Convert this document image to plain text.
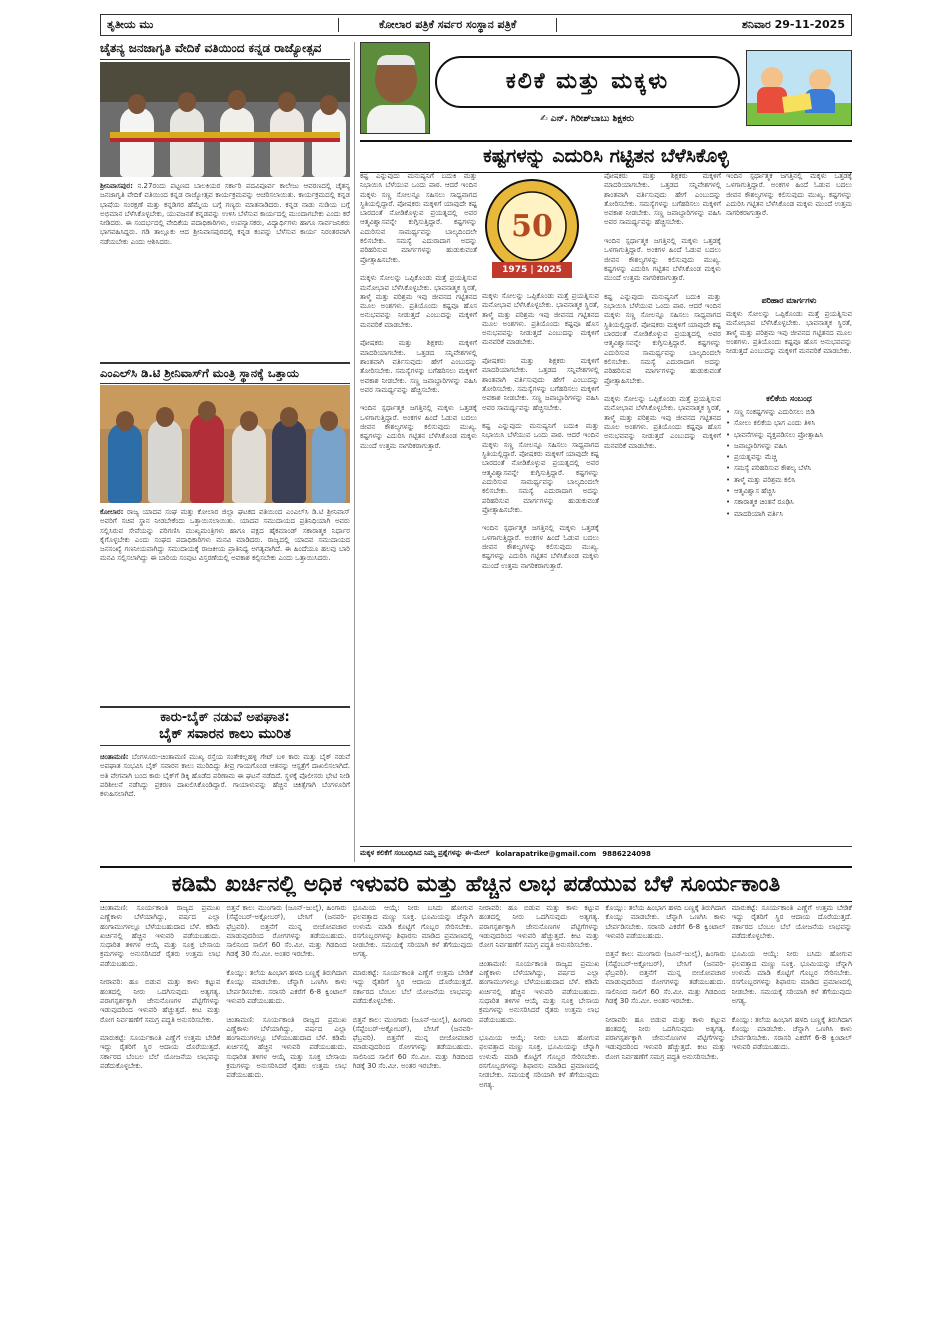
ತೃತೀಯ ಮು	ಕೋಲಾರ ಪತ್ರಿಕೆ ಸರ್ವರ ಸಂಸ್ಥಾನ ಪತ್ರಿಕೆ	ಶನಿವಾರ 29-11-2025
ಚೈತನ್ಯ ಜನಜಾಗೃತಿ ವೇದಿಕೆ ವತಿಯಿಂದ ಕನ್ನಡ ರಾಜ್ಯೋತ್ಸವ
ಶ್ರೀನಿವಾಸಪುರ: ನ.27ರಂದು ಪಟ್ಟಣದ ಬಾಲಕಿಯರ ಸರ್ಕಾರಿ ಪದವಿಪೂರ್ವ ಕಾಲೇಜು ಆವರಣದಲ್ಲಿ ಚೈತನ್ಯ ಜನಜಾಗೃತಿ ವೇದಿಕೆ ವತಿಯಿಂದ ಕನ್ನಡ ರಾಜ್ಯೋತ್ಸವ ಕಾರ್ಯಕ್ರಮವನ್ನು ಆಚರಿಸಲಾಯಿತು. ಕಾರ್ಯಕ್ರಮದಲ್ಲಿ ಕನ್ನಡ ಭಾಷೆಯ ಸಂರಕ್ಷಣೆ ಮತ್ತು ಕನ್ನಡಿಗರ ಹೆಮ್ಮೆಯ ಬಗ್ಗೆ ಗಣ್ಯರು ಮಾತನಾಡಿದರು. ಕನ್ನಡ ನಾಡು ನುಡಿಯ ಬಗ್ಗೆ ಅಭಿಮಾನ ಬೆಳೆಸಿಕೊಳ್ಳಬೇಕು, ಯುವಜನತೆ ಕನ್ನಡವನ್ನು ಉಳಿಸಿ ಬೆಳೆಸುವ ಕಾರ್ಯದಲ್ಲಿ ಮುಂದಾಗಬೇಕು ಎಂದು ಕರೆ ನೀಡಿದರು. ಈ ಸಂದರ್ಭದಲ್ಲಿ ವೇದಿಕೆಯ ಪದಾಧಿಕಾರಿಗಳು, ಉಪನ್ಯಾಸಕರು, ವಿದ್ಯಾರ್ಥಿಗಳು ಹಾಗೂ ಸಾರ್ವಜನಿಕರು ಭಾಗವಹಿಸಿದ್ದರು. ಗಡಿ ತಾಲ್ಲೂಕು ಆದ ಶ್ರೀನಿವಾಸಪುರದಲ್ಲಿ ಕನ್ನಡ ಕಂಪನ್ನು ಬೆಳೆಸುವ ಕಾರ್ಯ ನಿರಂತರವಾಗಿ ನಡೆಯಬೇಕು ಎಂದು ಆಶಿಸಿದರು.
ಎಂಎಲ್‌ಸಿ ಡಿ.ಟಿ ಶ್ರೀನಿವಾಸ್‌ಗೆ ಮಂತ್ರಿ ಸ್ಥಾನಕ್ಕೆ ಒತ್ತಾಯ
ಕೋಲಾರ: ರಾಜ್ಯ ಯಾದವ ಸಂಘ ಮತ್ತು ಕೋಲಾರ ಜಿಲ್ಲಾ ಘಟಕದ ವತಿಯಿಂದ ಎಂಎಲ್‌ಸಿ ಡಿ.ಟಿ ಶ್ರೀನಿವಾಸ್ ಅವರಿಗೆ ಸಚಿವ ಸ್ಥಾನ ನೀಡಬೇಕೆಂದು ಒತ್ತಾಯಿಸಲಾಯಿತು. ಯಾದವ ಸಮುದಾಯದ ಪ್ರತಿನಿಧಿಯಾಗಿ ಅವರು ಸಲ್ಲಿಸಿರುವ ಸೇವೆಯನ್ನು ಪರಿಗಣಿಸಿ ಮುಖ್ಯಮಂತ್ರಿಗಳು ಹಾಗೂ ಪಕ್ಷದ ಹೈಕಮಾಂಡ್ ಸಕಾರಾತ್ಮಕ ನಿರ್ಧಾರ ಕೈಗೊಳ್ಳಬೇಕು ಎಂದು ಸಂಘದ ಪದಾಧಿಕಾರಿಗಳು ಮನವಿ ಮಾಡಿದರು. ರಾಜ್ಯದಲ್ಲಿ ಯಾದವ ಸಮುದಾಯದ ಜನಸಂಖ್ಯೆ ಗಣನೀಯವಾಗಿದ್ದು ಸಮುದಾಯಕ್ಕೆ ರಾಜಕೀಯ ಪ್ರಾತಿನಿಧ್ಯ ಅಗತ್ಯವಾಗಿದೆ. ಈ ಹಿಂದೆಯೂ ಹಲವು ಬಾರಿ ಮನವಿ ಸಲ್ಲಿಸಲಾಗಿದ್ದು ಈ ಬಾರಿಯ ಸಂಪುಟ ವಿಸ್ತರಣೆಯಲ್ಲಿ ಅವಕಾಶ ಕಲ್ಪಿಸಬೇಕು ಎಂದು ಒತ್ತಾಯಿಸಿದರು.
ಕಾರು-ಬೈಕ್ ನಡುವೆ ಅಪಘಾತ:
ಬೈಕ್ ಸವಾರನ ಕಾಲು ಮುರಿತ
ಚಿಂತಾಮಣಿ: ಬೆಂಗಳೂರು-ಚಿಂತಾಮಣಿ ಮುಖ್ಯ ರಸ್ತೆಯ ಸಂತೇಕಲ್ಲಹಳ್ಳಿ ಗೇಟ್ ಬಳಿ ಕಾರು ಮತ್ತು ಬೈಕ್ ನಡುವೆ ಅಪಘಾತ ಸಂಭವಿಸಿ ಬೈಕ್ ಸವಾರನ ಕಾಲು ಮುರಿದಿದ್ದು ತೀವ್ರ ಗಾಯಗೊಂಡ ಆತನನ್ನು ಆಸ್ಪತ್ರೆಗೆ ದಾಖಲಿಸಲಾಗಿದೆ. ಅತಿ ವೇಗವಾಗಿ ಬಂದ ಕಾರು ಬೈಕ್‌ಗೆ ಡಿಕ್ಕಿ ಹೊಡೆದ ಪರಿಣಾಮ ಈ ಘಟನೆ ನಡೆದಿದೆ. ಸ್ಥಳಕ್ಕೆ ಪೊಲೀಸರು ಭೇಟಿ ನೀಡಿ ಪರಿಶೀಲನೆ ನಡೆಸಿದ್ದು ಪ್ರಕರಣ ದಾಖಲಿಸಿಕೊಂಡಿದ್ದಾರೆ. ಗಾಯಾಳುವನ್ನು ಹೆಚ್ಚಿನ ಚಿಕಿತ್ಸೆಗಾಗಿ ಬೆಂಗಳೂರಿಗೆ ಕಳುಹಿಸಲಾಗಿದೆ.
ಕಲಿಕೆ ಮತ್ತು ಮಕ್ಕಳು
✍ ಎನ್. ಗಿರೀಶ್‌ಬಾಬು ಶಿಕ್ಷಕರು
ಕಷ್ಟಗಳನ್ನು ಎದುರಿಸಿ ಗಟ್ಟಿತನ ಬೆಳೆಸಿಕೊಳ್ಳಿ
ಕಷ್ಟ ಎನ್ನುವುದು ಮನುಷ್ಯನಿಗೆ ಬದುಕಿ ಮತ್ತು ನಿಭಾಯಿಸಿ ಬೆಳೆಯುವ ಒಂದು ಪಾಠ. ಆದರೆ ಇಂದಿನ ಮಕ್ಕಳು ಸಣ್ಣ ಸೋಲನ್ನೂ ಸಹಿಸಲು ಸಾಧ್ಯವಾಗದ ಸ್ಥಿತಿಯಲ್ಲಿದ್ದಾರೆ. ಪೋಷಕರು ಮಕ್ಕಳಿಗೆ ಯಾವುದೇ ಕಷ್ಟ ಬಾರದಂತೆ ನೋಡಿಕೊಳ್ಳುವ ಪ್ರಯತ್ನದಲ್ಲಿ ಅವರ ಆತ್ಮವಿಶ್ವಾಸವನ್ನೇ ಕುಗ್ಗಿಸುತ್ತಿದ್ದಾರೆ. ಕಷ್ಟಗಳನ್ನು ಎದುರಿಸುವ ಸಾಮರ್ಥ್ಯವನ್ನು ಬಾಲ್ಯದಿಂದಲೇ ಕಲಿಸಬೇಕು. ಸಮಸ್ಯೆ ಎದುರಾದಾಗ ಅದನ್ನು ಪರಿಹರಿಸುವ ಮಾರ್ಗಗಳನ್ನು ಹುಡುಕುವಂತೆ ಪ್ರೋತ್ಸಾಹಿಸಬೇಕು.

ಮಕ್ಕಳು ಸೋಲನ್ನು ಒಪ್ಪಿಕೊಂಡು ಮತ್ತೆ ಪ್ರಯತ್ನಿಸುವ ಮನೋಭಾವ ಬೆಳೆಸಿಕೊಳ್ಳಬೇಕು. ಭಾವನಾತ್ಮಕ ಸ್ಥಿರತೆ, ತಾಳ್ಮೆ ಮತ್ತು ಪರಿಶ್ರಮ ಇವು ಜೀವನದ ಗಟ್ಟಿತನದ ಮೂಲ ಅಂಶಗಳು. ಪ್ರತಿಯೊಂದು ಕಷ್ಟವೂ ಹೊಸ ಅನುಭವವನ್ನು ನೀಡುತ್ತದೆ ಎಂಬುದನ್ನು ಮಕ್ಕಳಿಗೆ ಮನವರಿಕೆ ಮಾಡಬೇಕು.

ಪೋಷಕರು ಮತ್ತು ಶಿಕ್ಷಕರು ಮಕ್ಕಳಿಗೆ ಮಾದರಿಯಾಗಬೇಕು. ಒತ್ತಡದ ಸನ್ನಿವೇಶಗಳಲ್ಲಿ ಶಾಂತವಾಗಿ ವರ್ತಿಸುವುದು ಹೇಗೆ ಎಂಬುದನ್ನು ತೋರಿಸಬೇಕು. ಸಮಸ್ಯೆಗಳನ್ನು ಬಗೆಹರಿಸಲು ಮಕ್ಕಳಿಗೆ ಅವಕಾಶ ನೀಡಬೇಕು. ಸಣ್ಣ ಜವಾಬ್ದಾರಿಗಳನ್ನು ವಹಿಸಿ ಅವರ ಸಾಮರ್ಥ್ಯವನ್ನು ಹೆಚ್ಚಿಸಬೇಕು.

ಇಂದಿನ ಸ್ಪರ್ಧಾತ್ಮಕ ಜಗತ್ತಿನಲ್ಲಿ ಮಕ್ಕಳು ಒತ್ತಡಕ್ಕೆ ಒಳಗಾಗುತ್ತಿದ್ದಾರೆ. ಅಂಕಗಳ ಹಿಂದೆ ಓಡುವ ಬದಲು ಜೀವನ ಕೌಶಲ್ಯಗಳನ್ನು ಕಲಿಸುವುದು ಮುಖ್ಯ. ಕಷ್ಟಗಳನ್ನು ಎದುರಿಸಿ ಗಟ್ಟಿತನ ಬೆಳೆಸಿಕೊಂಡ ಮಕ್ಕಳು ಮುಂದೆ ಉತ್ತಮ ನಾಗರಿಕರಾಗುತ್ತಾರೆ.
50
1975 | 2025
ಮಕ್ಕಳು ಸೋಲನ್ನು ಒಪ್ಪಿಕೊಂಡು ಮತ್ತೆ ಪ್ರಯತ್ನಿಸುವ ಮನೋಭಾವ ಬೆಳೆಸಿಕೊಳ್ಳಬೇಕು. ಭಾವನಾತ್ಮಕ ಸ್ಥಿರತೆ, ತಾಳ್ಮೆ ಮತ್ತು ಪರಿಶ್ರಮ ಇವು ಜೀವನದ ಗಟ್ಟಿತನದ ಮೂಲ ಅಂಶಗಳು. ಪ್ರತಿಯೊಂದು ಕಷ್ಟವೂ ಹೊಸ ಅನುಭವವನ್ನು ನೀಡುತ್ತದೆ ಎಂಬುದನ್ನು ಮಕ್ಕಳಿಗೆ ಮನವರಿಕೆ ಮಾಡಬೇಕು.

ಪೋಷಕರು ಮತ್ತು ಶಿಕ್ಷಕರು ಮಕ್ಕಳಿಗೆ ಮಾದರಿಯಾಗಬೇಕು. ಒತ್ತಡದ ಸನ್ನಿವೇಶಗಳಲ್ಲಿ ಶಾಂತವಾಗಿ ವರ್ತಿಸುವುದು ಹೇಗೆ ಎಂಬುದನ್ನು ತೋರಿಸಬೇಕು. ಸಮಸ್ಯೆಗಳನ್ನು ಬಗೆಹರಿಸಲು ಮಕ್ಕಳಿಗೆ ಅವಕಾಶ ನೀಡಬೇಕು. ಸಣ್ಣ ಜವಾಬ್ದಾರಿಗಳನ್ನು ವಹಿಸಿ ಅವರ ಸಾಮರ್ಥ್ಯವನ್ನು ಹೆಚ್ಚಿಸಬೇಕು.

ಕಷ್ಟ ಎನ್ನುವುದು ಮನುಷ್ಯನಿಗೆ ಬದುಕಿ ಮತ್ತು ನಿಭಾಯಿಸಿ ಬೆಳೆಯುವ ಒಂದು ಪಾಠ. ಆದರೆ ಇಂದಿನ ಮಕ್ಕಳು ಸಣ್ಣ ಸೋಲನ್ನೂ ಸಹಿಸಲು ಸಾಧ್ಯವಾಗದ ಸ್ಥಿತಿಯಲ್ಲಿದ್ದಾರೆ. ಪೋಷಕರು ಮಕ್ಕಳಿಗೆ ಯಾವುದೇ ಕಷ್ಟ ಬಾರದಂತೆ ನೋಡಿಕೊಳ್ಳುವ ಪ್ರಯತ್ನದಲ್ಲಿ ಅವರ ಆತ್ಮವಿಶ್ವಾಸವನ್ನೇ ಕುಗ್ಗಿಸುತ್ತಿದ್ದಾರೆ. ಕಷ್ಟಗಳನ್ನು ಎದುರಿಸುವ ಸಾಮರ್ಥ್ಯವನ್ನು ಬಾಲ್ಯದಿಂದಲೇ ಕಲಿಸಬೇಕು. ಸಮಸ್ಯೆ ಎದುರಾದಾಗ ಅದನ್ನು ಪರಿಹರಿಸುವ ಮಾರ್ಗಗಳನ್ನು ಹುಡುಕುವಂತೆ ಪ್ರೋತ್ಸಾಹಿಸಬೇಕು.

ಇಂದಿನ ಸ್ಪರ್ಧಾತ್ಮಕ ಜಗತ್ತಿನಲ್ಲಿ ಮಕ್ಕಳು ಒತ್ತಡಕ್ಕೆ ಒಳಗಾಗುತ್ತಿದ್ದಾರೆ. ಅಂಕಗಳ ಹಿಂದೆ ಓಡುವ ಬದಲು ಜೀವನ ಕೌಶಲ್ಯಗಳನ್ನು ಕಲಿಸುವುದು ಮುಖ್ಯ. ಕಷ್ಟಗಳನ್ನು ಎದುರಿಸಿ ಗಟ್ಟಿತನ ಬೆಳೆಸಿಕೊಂಡ ಮಕ್ಕಳು ಮುಂದೆ ಉತ್ತಮ ನಾಗರಿಕರಾಗುತ್ತಾರೆ.
ಪೋಷಕರು ಮತ್ತು ಶಿಕ್ಷಕರು ಮಕ್ಕಳಿಗೆ ಮಾದರಿಯಾಗಬೇಕು. ಒತ್ತಡದ ಸನ್ನಿವೇಶಗಳಲ್ಲಿ ಶಾಂತವಾಗಿ ವರ್ತಿಸುವುದು ಹೇಗೆ ಎಂಬುದನ್ನು ತೋರಿಸಬೇಕು. ಸಮಸ್ಯೆಗಳನ್ನು ಬಗೆಹರಿಸಲು ಮಕ್ಕಳಿಗೆ ಅವಕಾಶ ನೀಡಬೇಕು. ಸಣ್ಣ ಜವಾಬ್ದಾರಿಗಳನ್ನು ವಹಿಸಿ ಅವರ ಸಾಮರ್ಥ್ಯವನ್ನು ಹೆಚ್ಚಿಸಬೇಕು.

ಇಂದಿನ ಸ್ಪರ್ಧಾತ್ಮಕ ಜಗತ್ತಿನಲ್ಲಿ ಮಕ್ಕಳು ಒತ್ತಡಕ್ಕೆ ಒಳಗಾಗುತ್ತಿದ್ದಾರೆ. ಅಂಕಗಳ ಹಿಂದೆ ಓಡುವ ಬದಲು ಜೀವನ ಕೌಶಲ್ಯಗಳನ್ನು ಕಲಿಸುವುದು ಮುಖ್ಯ. ಕಷ್ಟಗಳನ್ನು ಎದುರಿಸಿ ಗಟ್ಟಿತನ ಬೆಳೆಸಿಕೊಂಡ ಮಕ್ಕಳು ಮುಂದೆ ಉತ್ತಮ ನಾಗರಿಕರಾಗುತ್ತಾರೆ.

ಕಷ್ಟ ಎನ್ನುವುದು ಮನುಷ್ಯನಿಗೆ ಬದುಕಿ ಮತ್ತು ನಿಭಾಯಿಸಿ ಬೆಳೆಯುವ ಒಂದು ಪಾಠ. ಆದರೆ ಇಂದಿನ ಮಕ್ಕಳು ಸಣ್ಣ ಸೋಲನ್ನೂ ಸಹಿಸಲು ಸಾಧ್ಯವಾಗದ ಸ್ಥಿತಿಯಲ್ಲಿದ್ದಾರೆ. ಪೋಷಕರು ಮಕ್ಕಳಿಗೆ ಯಾವುದೇ ಕಷ್ಟ ಬಾರದಂತೆ ನೋಡಿಕೊಳ್ಳುವ ಪ್ರಯತ್ನದಲ್ಲಿ ಅವರ ಆತ್ಮವಿಶ್ವಾಸವನ್ನೇ ಕುಗ್ಗಿಸುತ್ತಿದ್ದಾರೆ. ಕಷ್ಟಗಳನ್ನು ಎದುರಿಸುವ ಸಾಮರ್ಥ್ಯವನ್ನು ಬಾಲ್ಯದಿಂದಲೇ ಕಲಿಸಬೇಕು. ಸಮಸ್ಯೆ ಎದುರಾದಾಗ ಅದನ್ನು ಪರಿಹರಿಸುವ ಮಾರ್ಗಗಳನ್ನು ಹುಡುಕುವಂತೆ ಪ್ರೋತ್ಸಾಹಿಸಬೇಕು.

ಮಕ್ಕಳು ಸೋಲನ್ನು ಒಪ್ಪಿಕೊಂಡು ಮತ್ತೆ ಪ್ರಯತ್ನಿಸುವ ಮನೋಭಾವ ಬೆಳೆಸಿಕೊಳ್ಳಬೇಕು. ಭಾವನಾತ್ಮಕ ಸ್ಥಿರತೆ, ತಾಳ್ಮೆ ಮತ್ತು ಪರಿಶ್ರಮ ಇವು ಜೀವನದ ಗಟ್ಟಿತನದ ಮೂಲ ಅಂಶಗಳು. ಪ್ರತಿಯೊಂದು ಕಷ್ಟವೂ ಹೊಸ ಅನುಭವವನ್ನು ನೀಡುತ್ತದೆ ಎಂಬುದನ್ನು ಮಕ್ಕಳಿಗೆ ಮನವರಿಕೆ ಮಾಡಬೇಕು.
ಇಂದಿನ ಸ್ಪರ್ಧಾತ್ಮಕ ಜಗತ್ತಿನಲ್ಲಿ ಮಕ್ಕಳು ಒತ್ತಡಕ್ಕೆ ಒಳಗಾಗುತ್ತಿದ್ದಾರೆ. ಅಂಕಗಳ ಹಿಂದೆ ಓಡುವ ಬದಲು ಜೀವನ ಕೌಶಲ್ಯಗಳನ್ನು ಕಲಿಸುವುದು ಮುಖ್ಯ. ಕಷ್ಟಗಳನ್ನು ಎದುರಿಸಿ ಗಟ್ಟಿತನ ಬೆಳೆಸಿಕೊಂಡ ಮಕ್ಕಳು ಮುಂದೆ ಉತ್ತಮ ನಾಗರಿಕರಾಗುತ್ತಾರೆ.
ಪರಿಹಾರ ಮಾರ್ಗಗಳು
ಮಕ್ಕಳು ಸೋಲನ್ನು ಒಪ್ಪಿಕೊಂಡು ಮತ್ತೆ ಪ್ರಯತ್ನಿಸುವ ಮನೋಭಾವ ಬೆಳೆಸಿಕೊಳ್ಳಬೇಕು. ಭಾವನಾತ್ಮಕ ಸ್ಥಿರತೆ, ತಾಳ್ಮೆ ಮತ್ತು ಪರಿಶ್ರಮ ಇವು ಜೀವನದ ಗಟ್ಟಿತನದ ಮೂಲ ಅಂಶಗಳು. ಪ್ರತಿಯೊಂದು ಕಷ್ಟವೂ ಹೊಸ ಅನುಭವವನ್ನು ನೀಡುತ್ತದೆ ಎಂಬುದನ್ನು ಮಕ್ಕಳಿಗೆ ಮನವರಿಕೆ ಮಾಡಬೇಕು.
ಕಲಿಕೆಯ ಸಂಬಂಧ
• ಸಣ್ಣ ಸಂಕಷ್ಟಗಳನ್ನು ಎದುರಿಸಲು ಬಿಡಿ
• ಸೋಲು ಕಲಿಕೆಯ ಭಾಗ ಎಂದು ತಿಳಿಸಿ
• ಭಾವನೆಗಳನ್ನು ವ್ಯಕ್ತಪಡಿಸಲು ಪ್ರೋತ್ಸಾಹಿಸಿ
• ಜವಾಬ್ದಾರಿಗಳನ್ನು ವಹಿಸಿ
• ಪ್ರಯತ್ನವನ್ನು ಮೆಚ್ಚಿ
• ಸಮಸ್ಯೆ ಪರಿಹರಿಸುವ ಕೌಶಲ್ಯ ಬೆಳೆಸಿ
• ತಾಳ್ಮೆ ಮತ್ತು ಪರಿಶ್ರಮ ಕಲಿಸಿ
• ಆತ್ಮವಿಶ್ವಾಸ ಹೆಚ್ಚಿಸಿ
• ಸಕಾರಾತ್ಮಕ ಚಿಂತನೆ ರೂಢಿಸಿ
• ಮಾದರಿಯಾಗಿ ವರ್ತಿಸಿ
ಮಕ್ಕಳ ಕಲಿಕೆಗೆ ಸಂಬಂಧಿಸಿದ ನಿಮ್ಮ ಪ್ರಶ್ನೆಗಳನ್ನು ಈ-ಮೇಲ್ kolarapatrike@gmail.com 9886224098
ಕಡಿಮೆ ಖರ್ಚಿನಲ್ಲಿ ಅಧಿಕ ಇಳುವರಿ ಮತ್ತು ಹೆಚ್ಚಿನ ಲಾಭ ಪಡೆಯುವ ಬೆಳೆ ಸೂರ್ಯಕಾಂತಿ
ಚಿಂತಾಮಣಿ: ಸೂರ್ಯಕಾಂತಿ ರಾಜ್ಯದ ಪ್ರಮುಖ ಎಣ್ಣೆಕಾಳು ಬೆಳೆಯಾಗಿದ್ದು, ವರ್ಷದ ಎಲ್ಲಾ ಹಂಗಾಮುಗಳಲ್ಲೂ ಬೆಳೆಯಬಹುದಾದ ಬೆಳೆ. ಕಡಿಮೆ ಖರ್ಚಿನಲ್ಲಿ ಹೆಚ್ಚಿನ ಇಳುವರಿ ಪಡೆಯಬಹುದು. ಸುಧಾರಿತ ತಳಿಗಳ ಆಯ್ಕೆ ಮತ್ತು ಸೂಕ್ತ ಬೇಸಾಯ ಕ್ರಮಗಳನ್ನು ಅನುಸರಿಸಿದರೆ ರೈತರು ಉತ್ತಮ ಲಾಭ ಪಡೆಯಬಹುದು.

ನೀರಾವರಿ: ಹೂ ಬಿಡುವ ಮತ್ತು ಕಾಳು ಕಟ್ಟುವ ಹಂತದಲ್ಲಿ ನೀರು ಒದಗಿಸುವುದು ಅತ್ಯಗತ್ಯ. ಪರಾಗಸ್ಪರ್ಶಕ್ಕಾಗಿ ಜೇನುನೊಣಗಳ ಪೆಟ್ಟಿಗೆಗಳನ್ನು ಇಡುವುದರಿಂದ ಇಳುವರಿ ಹೆಚ್ಚುತ್ತದೆ. ಕೀಟ ಮತ್ತು ರೋಗ ನಿರ್ವಹಣೆಗೆ ಸಮಗ್ರ ಪದ್ಧತಿ ಅನುಸರಿಸಬೇಕು.

ಮಾರುಕಟ್ಟೆ: ಸೂರ್ಯಕಾಂತಿ ಎಣ್ಣೆಗೆ ಉತ್ತಮ ಬೇಡಿಕೆ ಇದ್ದು ರೈತರಿಗೆ ಸ್ಥಿರ ಆದಾಯ ದೊರೆಯುತ್ತದೆ. ಸರ್ಕಾರದ ಬೆಂಬಲ ಬೆಲೆ ಯೋಜನೆಯ ಲಾಭವನ್ನು ಪಡೆದುಕೊಳ್ಳಬೇಕು.
ಬಿತ್ತನೆ ಕಾಲ: ಮುಂಗಾರು (ಜೂನ್-ಜುಲೈ), ಹಿಂಗಾರು (ಸೆಪ್ಟೆಂಬರ್-ಅಕ್ಟೋಬರ್), ಬೇಸಿಗೆ (ಜನವರಿ-ಫೆಬ್ರವರಿ). ಬಿತ್ತನೆಗೆ ಮುನ್ನ ಬೀಜೋಪಚಾರ ಮಾಡುವುದರಿಂದ ರೋಗಗಳನ್ನು ತಡೆಯಬಹುದು. ಸಾಲಿನಿಂದ ಸಾಲಿಗೆ 60 ಸೆಂ.ಮೀ. ಮತ್ತು ಗಿಡದಿಂದ ಗಿಡಕ್ಕೆ 30 ಸೆಂ.ಮೀ. ಅಂತರ ಇರಬೇಕು.

ಕೊಯ್ಲು: ತಲೆಯ ಹಿಂಭಾಗ ಹಳದಿ ಬಣ್ಣಕ್ಕೆ ತಿರುಗಿದಾಗ ಕೊಯ್ಲು ಮಾಡಬೇಕು. ಚೆನ್ನಾಗಿ ಒಣಗಿಸಿ ಕಾಳು ಬೇರ್ಪಡಿಸಬೇಕು. ಸರಾಸರಿ ಎಕರೆಗೆ 6-8 ಕ್ವಿಂಟಾಲ್ ಇಳುವರಿ ಪಡೆಯಬಹುದು.

ಚಿಂತಾಮಣಿ: ಸೂರ್ಯಕಾಂತಿ ರಾಜ್ಯದ ಪ್ರಮುಖ ಎಣ್ಣೆಕಾಳು ಬೆಳೆಯಾಗಿದ್ದು, ವರ್ಷದ ಎಲ್ಲಾ ಹಂಗಾಮುಗಳಲ್ಲೂ ಬೆಳೆಯಬಹುದಾದ ಬೆಳೆ. ಕಡಿಮೆ ಖರ್ಚಿನಲ್ಲಿ ಹೆಚ್ಚಿನ ಇಳುವರಿ ಪಡೆಯಬಹುದು. ಸುಧಾರಿತ ತಳಿಗಳ ಆಯ್ಕೆ ಮತ್ತು ಸೂಕ್ತ ಬೇಸಾಯ ಕ್ರಮಗಳನ್ನು ಅನುಸರಿಸಿದರೆ ರೈತರು ಉತ್ತಮ ಲಾಭ ಪಡೆಯಬಹುದು.
ಭೂಮಿಯ ಆಯ್ಕೆ: ನೀರು ಬಸಿದು ಹೋಗುವ ಫಲವತ್ತಾದ ಮಣ್ಣು ಸೂಕ್ತ. ಭೂಮಿಯನ್ನು ಚೆನ್ನಾಗಿ ಉಳುಮೆ ಮಾಡಿ ಕೊಟ್ಟಿಗೆ ಗೊಬ್ಬರ ಸೇರಿಸಬೇಕು. ರಸಗೊಬ್ಬರಗಳನ್ನು ಶಿಫಾರಸು ಮಾಡಿದ ಪ್ರಮಾಣದಲ್ಲಿ ನೀಡಬೇಕು. ಸಮಯಕ್ಕೆ ಸರಿಯಾಗಿ ಕಳೆ ತೆಗೆಯುವುದು ಅಗತ್ಯ.

ಮಾರುಕಟ್ಟೆ: ಸೂರ್ಯಕಾಂತಿ ಎಣ್ಣೆಗೆ ಉತ್ತಮ ಬೇಡಿಕೆ ಇದ್ದು ರೈತರಿಗೆ ಸ್ಥಿರ ಆದಾಯ ದೊರೆಯುತ್ತದೆ. ಸರ್ಕಾರದ ಬೆಂಬಲ ಬೆಲೆ ಯೋಜನೆಯ ಲಾಭವನ್ನು ಪಡೆದುಕೊಳ್ಳಬೇಕು.

ಬಿತ್ತನೆ ಕಾಲ: ಮುಂಗಾರು (ಜೂನ್-ಜುಲೈ), ಹಿಂಗಾರು (ಸೆಪ್ಟೆಂಬರ್-ಅಕ್ಟೋಬರ್), ಬೇಸಿಗೆ (ಜನವರಿ-ಫೆಬ್ರವರಿ). ಬಿತ್ತನೆಗೆ ಮುನ್ನ ಬೀಜೋಪಚಾರ ಮಾಡುವುದರಿಂದ ರೋಗಗಳನ್ನು ತಡೆಯಬಹುದು. ಸಾಲಿನಿಂದ ಸಾಲಿಗೆ 60 ಸೆಂ.ಮೀ. ಮತ್ತು ಗಿಡದಿಂದ ಗಿಡಕ್ಕೆ 30 ಸೆಂ.ಮೀ. ಅಂತರ ಇರಬೇಕು.
ನೀರಾವರಿ: ಹೂ ಬಿಡುವ ಮತ್ತು ಕಾಳು ಕಟ್ಟುವ ಹಂತದಲ್ಲಿ ನೀರು ಒದಗಿಸುವುದು ಅತ್ಯಗತ್ಯ. ಪರಾಗಸ್ಪರ್ಶಕ್ಕಾಗಿ ಜೇನುನೊಣಗಳ ಪೆಟ್ಟಿಗೆಗಳನ್ನು ಇಡುವುದರಿಂದ ಇಳುವರಿ ಹೆಚ್ಚುತ್ತದೆ. ಕೀಟ ಮತ್ತು ರೋಗ ನಿರ್ವಹಣೆಗೆ ಸಮಗ್ರ ಪದ್ಧತಿ ಅನುಸರಿಸಬೇಕು.

ಚಿಂತಾಮಣಿ: ಸೂರ್ಯಕಾಂತಿ ರಾಜ್ಯದ ಪ್ರಮುಖ ಎಣ್ಣೆಕಾಳು ಬೆಳೆಯಾಗಿದ್ದು, ವರ್ಷದ ಎಲ್ಲಾ ಹಂಗಾಮುಗಳಲ್ಲೂ ಬೆಳೆಯಬಹುದಾದ ಬೆಳೆ. ಕಡಿಮೆ ಖರ್ಚಿನಲ್ಲಿ ಹೆಚ್ಚಿನ ಇಳುವರಿ ಪಡೆಯಬಹುದು. ಸುಧಾರಿತ ತಳಿಗಳ ಆಯ್ಕೆ ಮತ್ತು ಸೂಕ್ತ ಬೇಸಾಯ ಕ್ರಮಗಳನ್ನು ಅನುಸರಿಸಿದರೆ ರೈತರು ಉತ್ತಮ ಲಾಭ ಪಡೆಯಬಹುದು.

ಭೂಮಿಯ ಆಯ್ಕೆ: ನೀರು ಬಸಿದು ಹೋಗುವ ಫಲವತ್ತಾದ ಮಣ್ಣು ಸೂಕ್ತ. ಭೂಮಿಯನ್ನು ಚೆನ್ನಾಗಿ ಉಳುಮೆ ಮಾಡಿ ಕೊಟ್ಟಿಗೆ ಗೊಬ್ಬರ ಸೇರಿಸಬೇಕು. ರಸಗೊಬ್ಬರಗಳನ್ನು ಶಿಫಾರಸು ಮಾಡಿದ ಪ್ರಮಾಣದಲ್ಲಿ ನೀಡಬೇಕು. ಸಮಯಕ್ಕೆ ಸರಿಯಾಗಿ ಕಳೆ ತೆಗೆಯುವುದು ಅಗತ್ಯ.
ಕೊಯ್ಲು: ತಲೆಯ ಹಿಂಭಾಗ ಹಳದಿ ಬಣ್ಣಕ್ಕೆ ತಿರುಗಿದಾಗ ಕೊಯ್ಲು ಮಾಡಬೇಕು. ಚೆನ್ನಾಗಿ ಒಣಗಿಸಿ ಕಾಳು ಬೇರ್ಪಡಿಸಬೇಕು. ಸರಾಸರಿ ಎಕರೆಗೆ 6-8 ಕ್ವಿಂಟಾಲ್ ಇಳುವರಿ ಪಡೆಯಬಹುದು.

ಬಿತ್ತನೆ ಕಾಲ: ಮುಂಗಾರು (ಜೂನ್-ಜುಲೈ), ಹಿಂಗಾರು (ಸೆಪ್ಟೆಂಬರ್-ಅಕ್ಟೋಬರ್), ಬೇಸಿಗೆ (ಜನವರಿ-ಫೆಬ್ರವರಿ). ಬಿತ್ತನೆಗೆ ಮುನ್ನ ಬೀಜೋಪಚಾರ ಮಾಡುವುದರಿಂದ ರೋಗಗಳನ್ನು ತಡೆಯಬಹುದು. ಸಾಲಿನಿಂದ ಸಾಲಿಗೆ 60 ಸೆಂ.ಮೀ. ಮತ್ತು ಗಿಡದಿಂದ ಗಿಡಕ್ಕೆ 30 ಸೆಂ.ಮೀ. ಅಂತರ ಇರಬೇಕು.

ನೀರಾವರಿ: ಹೂ ಬಿಡುವ ಮತ್ತು ಕಾಳು ಕಟ್ಟುವ ಹಂತದಲ್ಲಿ ನೀರು ಒದಗಿಸುವುದು ಅತ್ಯಗತ್ಯ. ಪರಾಗಸ್ಪರ್ಶಕ್ಕಾಗಿ ಜೇನುನೊಣಗಳ ಪೆಟ್ಟಿಗೆಗಳನ್ನು ಇಡುವುದರಿಂದ ಇಳುವರಿ ಹೆಚ್ಚುತ್ತದೆ. ಕೀಟ ಮತ್ತು ರೋಗ ನಿರ್ವಹಣೆಗೆ ಸಮಗ್ರ ಪದ್ಧತಿ ಅನುಸರಿಸಬೇಕು.
ಮಾರುಕಟ್ಟೆ: ಸೂರ್ಯಕಾಂತಿ ಎಣ್ಣೆಗೆ ಉತ್ತಮ ಬೇಡಿಕೆ ಇದ್ದು ರೈತರಿಗೆ ಸ್ಥಿರ ಆದಾಯ ದೊರೆಯುತ್ತದೆ. ಸರ್ಕಾರದ ಬೆಂಬಲ ಬೆಲೆ ಯೋಜನೆಯ ಲಾಭವನ್ನು ಪಡೆದುಕೊಳ್ಳಬೇಕು.

ಭೂಮಿಯ ಆಯ್ಕೆ: ನೀರು ಬಸಿದು ಹೋಗುವ ಫಲವತ್ತಾದ ಮಣ್ಣು ಸೂಕ್ತ. ಭೂಮಿಯನ್ನು ಚೆನ್ನಾಗಿ ಉಳುಮೆ ಮಾಡಿ ಕೊಟ್ಟಿಗೆ ಗೊಬ್ಬರ ಸೇರಿಸಬೇಕು. ರಸಗೊಬ್ಬರಗಳನ್ನು ಶಿಫಾರಸು ಮಾಡಿದ ಪ್ರಮಾಣದಲ್ಲಿ ನೀಡಬೇಕು. ಸಮಯಕ್ಕೆ ಸರಿಯಾಗಿ ಕಳೆ ತೆಗೆಯುವುದು ಅಗತ್ಯ.

ಕೊಯ್ಲು: ತಲೆಯ ಹಿಂಭಾಗ ಹಳದಿ ಬಣ್ಣಕ್ಕೆ ತಿರುಗಿದಾಗ ಕೊಯ್ಲು ಮಾಡಬೇಕು. ಚೆನ್ನಾಗಿ ಒಣಗಿಸಿ ಕಾಳು ಬೇರ್ಪಡಿಸಬೇಕು. ಸರಾಸರಿ ಎಕರೆಗೆ 6-8 ಕ್ವಿಂಟಾಲ್ ಇಳುವರಿ ಪಡೆಯಬಹುದು.
